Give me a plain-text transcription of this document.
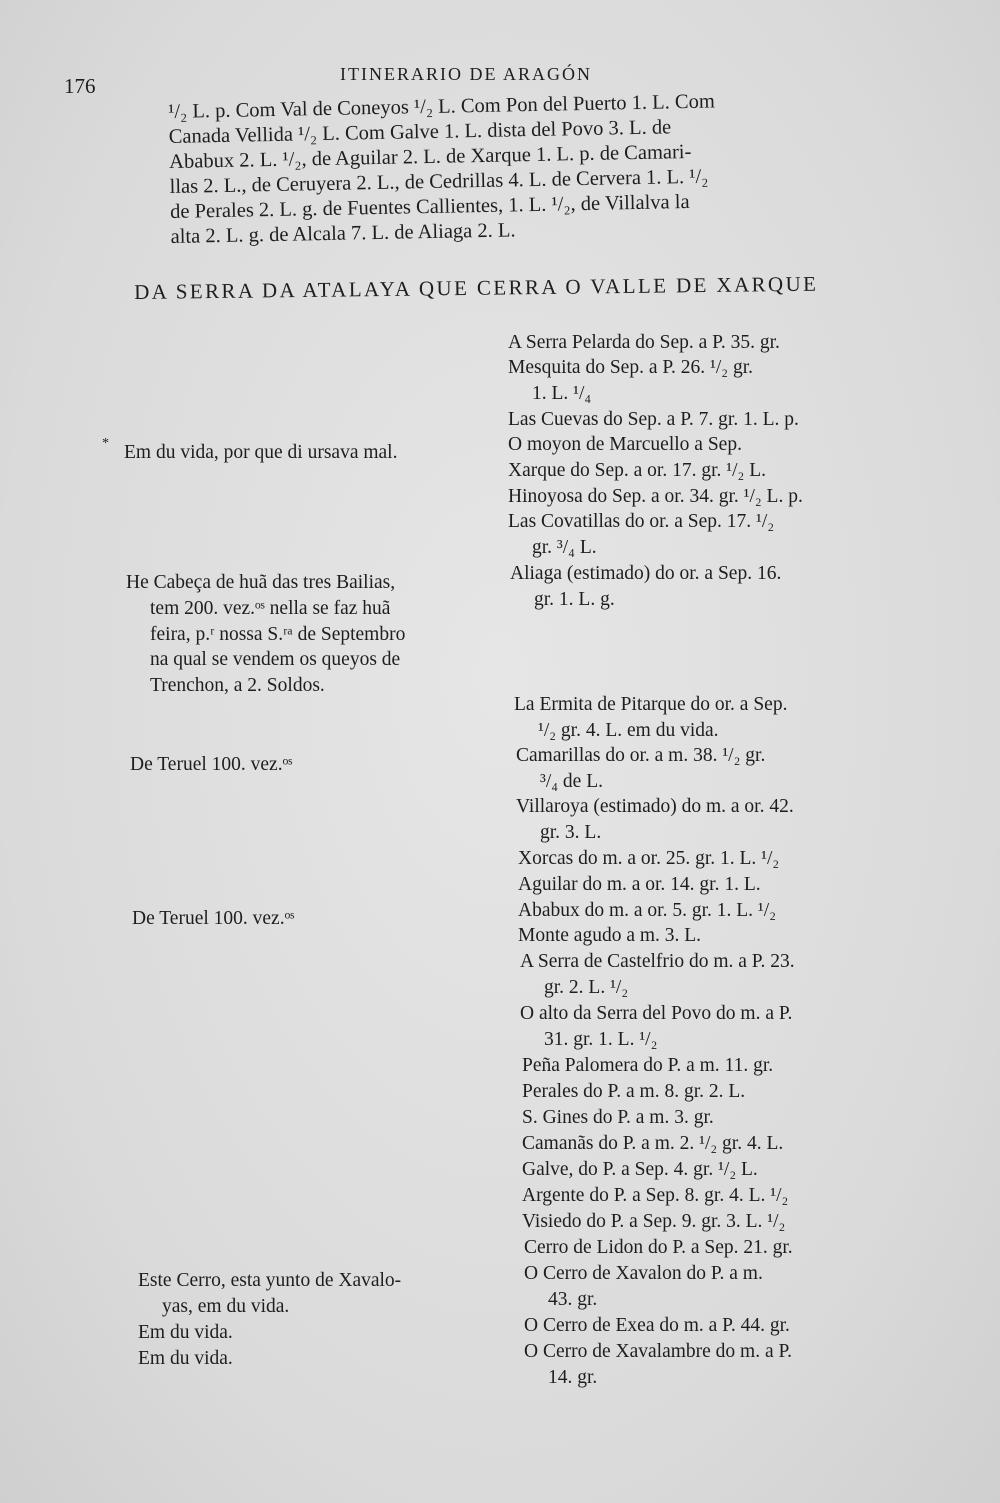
176	ITINERARIO DE ARAGÓN

¹/₂ L. p. Com Val de Coneyos ¹/₂ L. Com Pon del Puerto 1. L. Com

Canada Vellida ¹/₂ L. Com Galve 1. L. dista del Povo 3. L. de

Ababux 2. L. ¹/₂, de Aguilar 2. L. de Xarque 1. L. p. de Camari-

llas 2. L., de Ceruyera 2. L., de Cedrillas 4. L. de Cervera 1. L. ¹/₂

de Perales 2. L. g. de Fuentes Callientes, 1. L. ¹/₂, de Villalva la

alta 2. L. g. de Alcala 7. L. de Aliaga 2. L.

DA SERRA DA ATALAYA QUE CERRA O VALLE DE XARQUE
*

A Serra Pelarda do Sep. a P. 35. gr.

Mesquita do Sep. a P. 26. ¹/₂ gr.
1. L. ¹/₄

Las Cuevas do Sep. a P. 7. gr. 1. L. p.

O moyon de Marcuello a Sep.

Xarque do Sep. a or. 17. gr. ¹/₂ L.

Hinoyosa do Sep. a or. 34. gr. ¹/₂ L. p.

Las Covatillas do or. a Sep. 17. ¹/₂
gr. ³/₄ L.

Aliaga (estimado) do or. a Sep. 16.
gr. 1. L. g.

La Ermita de Pitarque do or. a Sep.
¹/₂ gr. 4. L. em du vida.

Camarillas do or. a m. 38. ¹/₂ gr.
³/₄ de L.

Villaroya (estimado) do m. a or. 42.
gr. 3. L.

Xorcas do m. a or. 25. gr. 1. L. ¹/₂

Aguilar do m. a or. 14. gr. 1. L.

Ababux do m. a or. 5. gr. 1. L. ¹/₂

Monte agudo a m. 3. L.

A Serra de Castelfrio do m. a P. 23.
gr. 2. L. ¹/₂

O alto da Serra del Povo do m. a P.
31. gr. 1. L. ¹/₂

Peña Palomera do P. a m. 11. gr.

Perales do P. a m. 8. gr. 2. L.

S. Gines do P. a m. 3. gr.

Camanãs do P. a m. 2. ¹/₂ gr. 4. L.

Galve, do P. a Sep. 4. gr. ¹/₂ L.

Argente do P. a Sep. 8. gr. 4. L. ¹/₂

Visiedo do P. a Sep. 9. gr. 3. L. ¹/₂

Cerro de Lidon do P. a Sep. 21. gr.

O Cerro de Xavalon do P. a m.
43. gr.

O Cerro de Exea do m. a P. 44. gr.

O Cerro de Xavalambre do m. a P.
14. gr.

Em du vida, por que di ursava mal.

He Cabeça de huã das tres Bailias,
tem 200. vez.ᵒˢ nella se faz huã
feira, p.ʳ nossa S.ʳᵃ de Septembro
na qual se vendem os queyos de
Trenchon, a 2. Soldos.

De Teruel 100. vez.ᵒˢ

De Teruel 100. vez.ᵒˢ

Este Cerro, esta yunto de Xavalo-
yas, em du vida.

Em du vida.

Em du vida.
